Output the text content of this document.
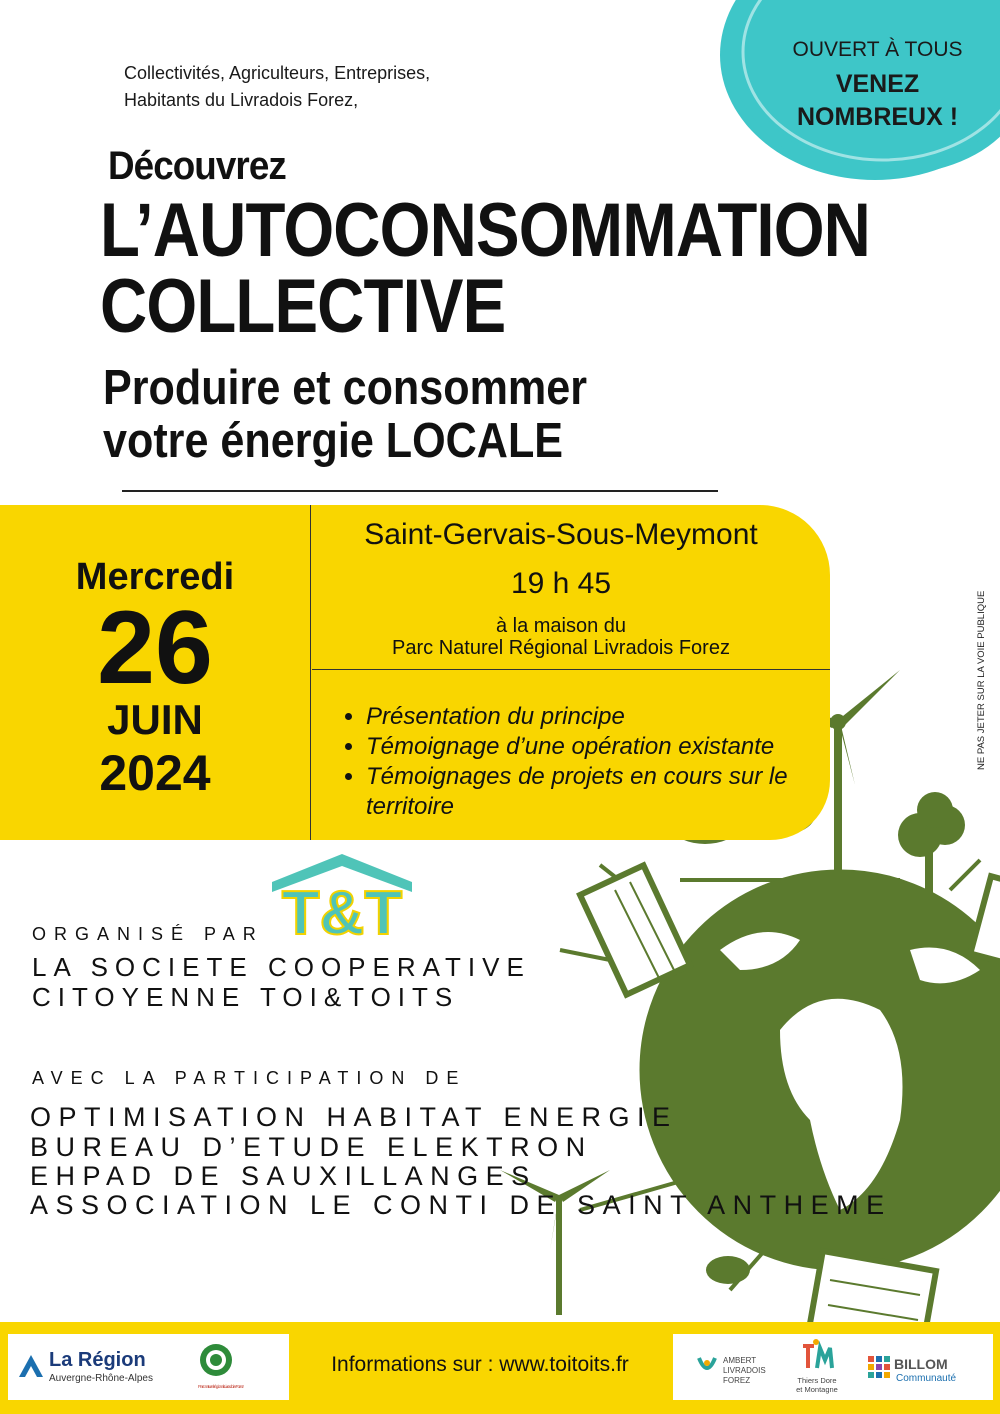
OUVERT À TOUS
VENEZ
NOMBREUX !
Collectivités, Agriculteurs, Entreprises,
Habitants du Livradois Forez,
Découvrez
L’AUTOCONSOMMATION
COLLECTIVE
Produire et consommer
votre énergie LOCALE
Mercredi
26
JUIN
2024
Saint-Gervais-Sous-Meymont
19 h 45
à la maison du
Parc Naturel Régional Livradois Forez
• Présentation du principe
• Témoignage d’une opération existante
• Témoignages de projets en cours sur le territoire
NE PAS JETER SUR LA VOIE PUBLIQUE
T&T
ORGANISÉ PAR
LA SOCIETE COOPERATIVE
CITOYENNE TOI&TOITS
AVEC LA PARTICIPATION DE
OPTIMISATION HABITAT ENERGIE
BUREAU D’ETUDE ELEKTRON
EHPAD DE SAUXILLANGES
ASSOCIATION LE CONTI DE SAINT ANTHEME
La Région
Auvergne-Rhône-Alpes
Parc naturel régional Livradois-Forez
Informations sur : www.toitoits.fr	AMBERT
LIVRADOIS
FOREZ	Thiers Dore
et Montagne
BILLOM
Communauté
